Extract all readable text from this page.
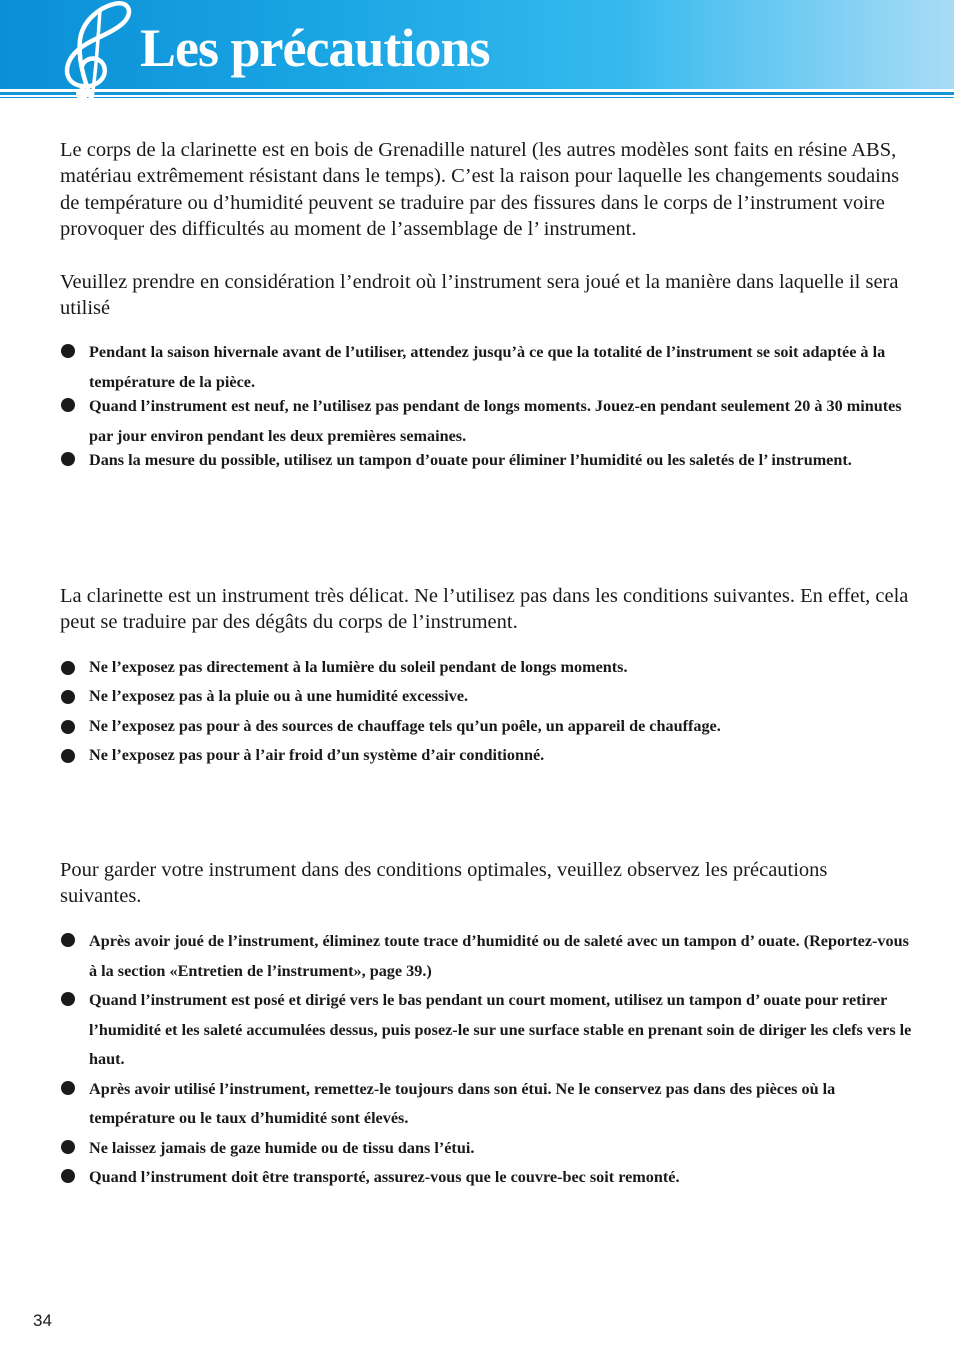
Les précautions

Le corps de la clarinette est en bois de Grenadille naturel (les autres modèles sont faits en résine ABS, matériau extrêmement résistant dans le temps). C’est la raison pour laquelle les changements soudains de température ou d’humidité peuvent se traduire par des fissures dans le corps de l’instrument voire provoquer des difficultés au moment de l’assemblage de l’ instrument.

Veuillez prendre en considération l’endroit où l’instrument sera joué et la manière dans laquelle il sera utilisé

Pendant la saison hivernale avant de l’utiliser, attendez jusqu’à ce que la totalité de l’instrument se soit adaptée à la température de la pièce.
Quand l’instrument est neuf, ne l’utilisez pas pendant de longs moments. Jouez-en pendant seulement 20 à 30 minutes par jour environ pendant les deux premières semaines.
Dans la mesure du possible, utilisez un tampon d’ouate pour éliminer l’humidité ou les saletés de l’ instrument.

La clarinette est un instrument très délicat. Ne l’utilisez pas dans les conditions suivantes. En effet, cela peut se traduire par des dégâts du corps de l’instrument.

Ne l’exposez pas directement à la lumière du soleil pendant de longs moments.
Ne l’exposez pas à la pluie ou à une humidité excessive.
Ne l’exposez pas pour à des sources de chauffage tels qu’un poêle, un appareil de chauffage.
Ne l’exposez pas pour à l’air froid d’un système d’air conditionné.

Pour garder votre instrument dans des conditions optimales, veuillez observez les précautions suivantes.

Après avoir joué de l’instrument, éliminez toute trace d’humidité ou de saleté avec un tampon d’ ouate. (Reportez-vous à la section «Entretien de l’instrument», page 39.)
Quand l’instrument est posé et dirigé vers le bas pendant un court moment, utilisez un tampon d’ ouate pour retirer l’humidité et les saleté accumulées dessus, puis posez-le sur une surface stable en prenant soin de diriger les clefs vers le haut.
Après avoir utilisé l’instrument, remettez-le toujours dans son étui. Ne le conservez pas dans des pièces où la température ou le taux d’humidité sont élevés.
Ne laissez jamais de gaze humide ou de tissu dans l’étui.
Quand l’instrument doit être transporté, assurez-vous que le couvre-bec soit remonté.
34
